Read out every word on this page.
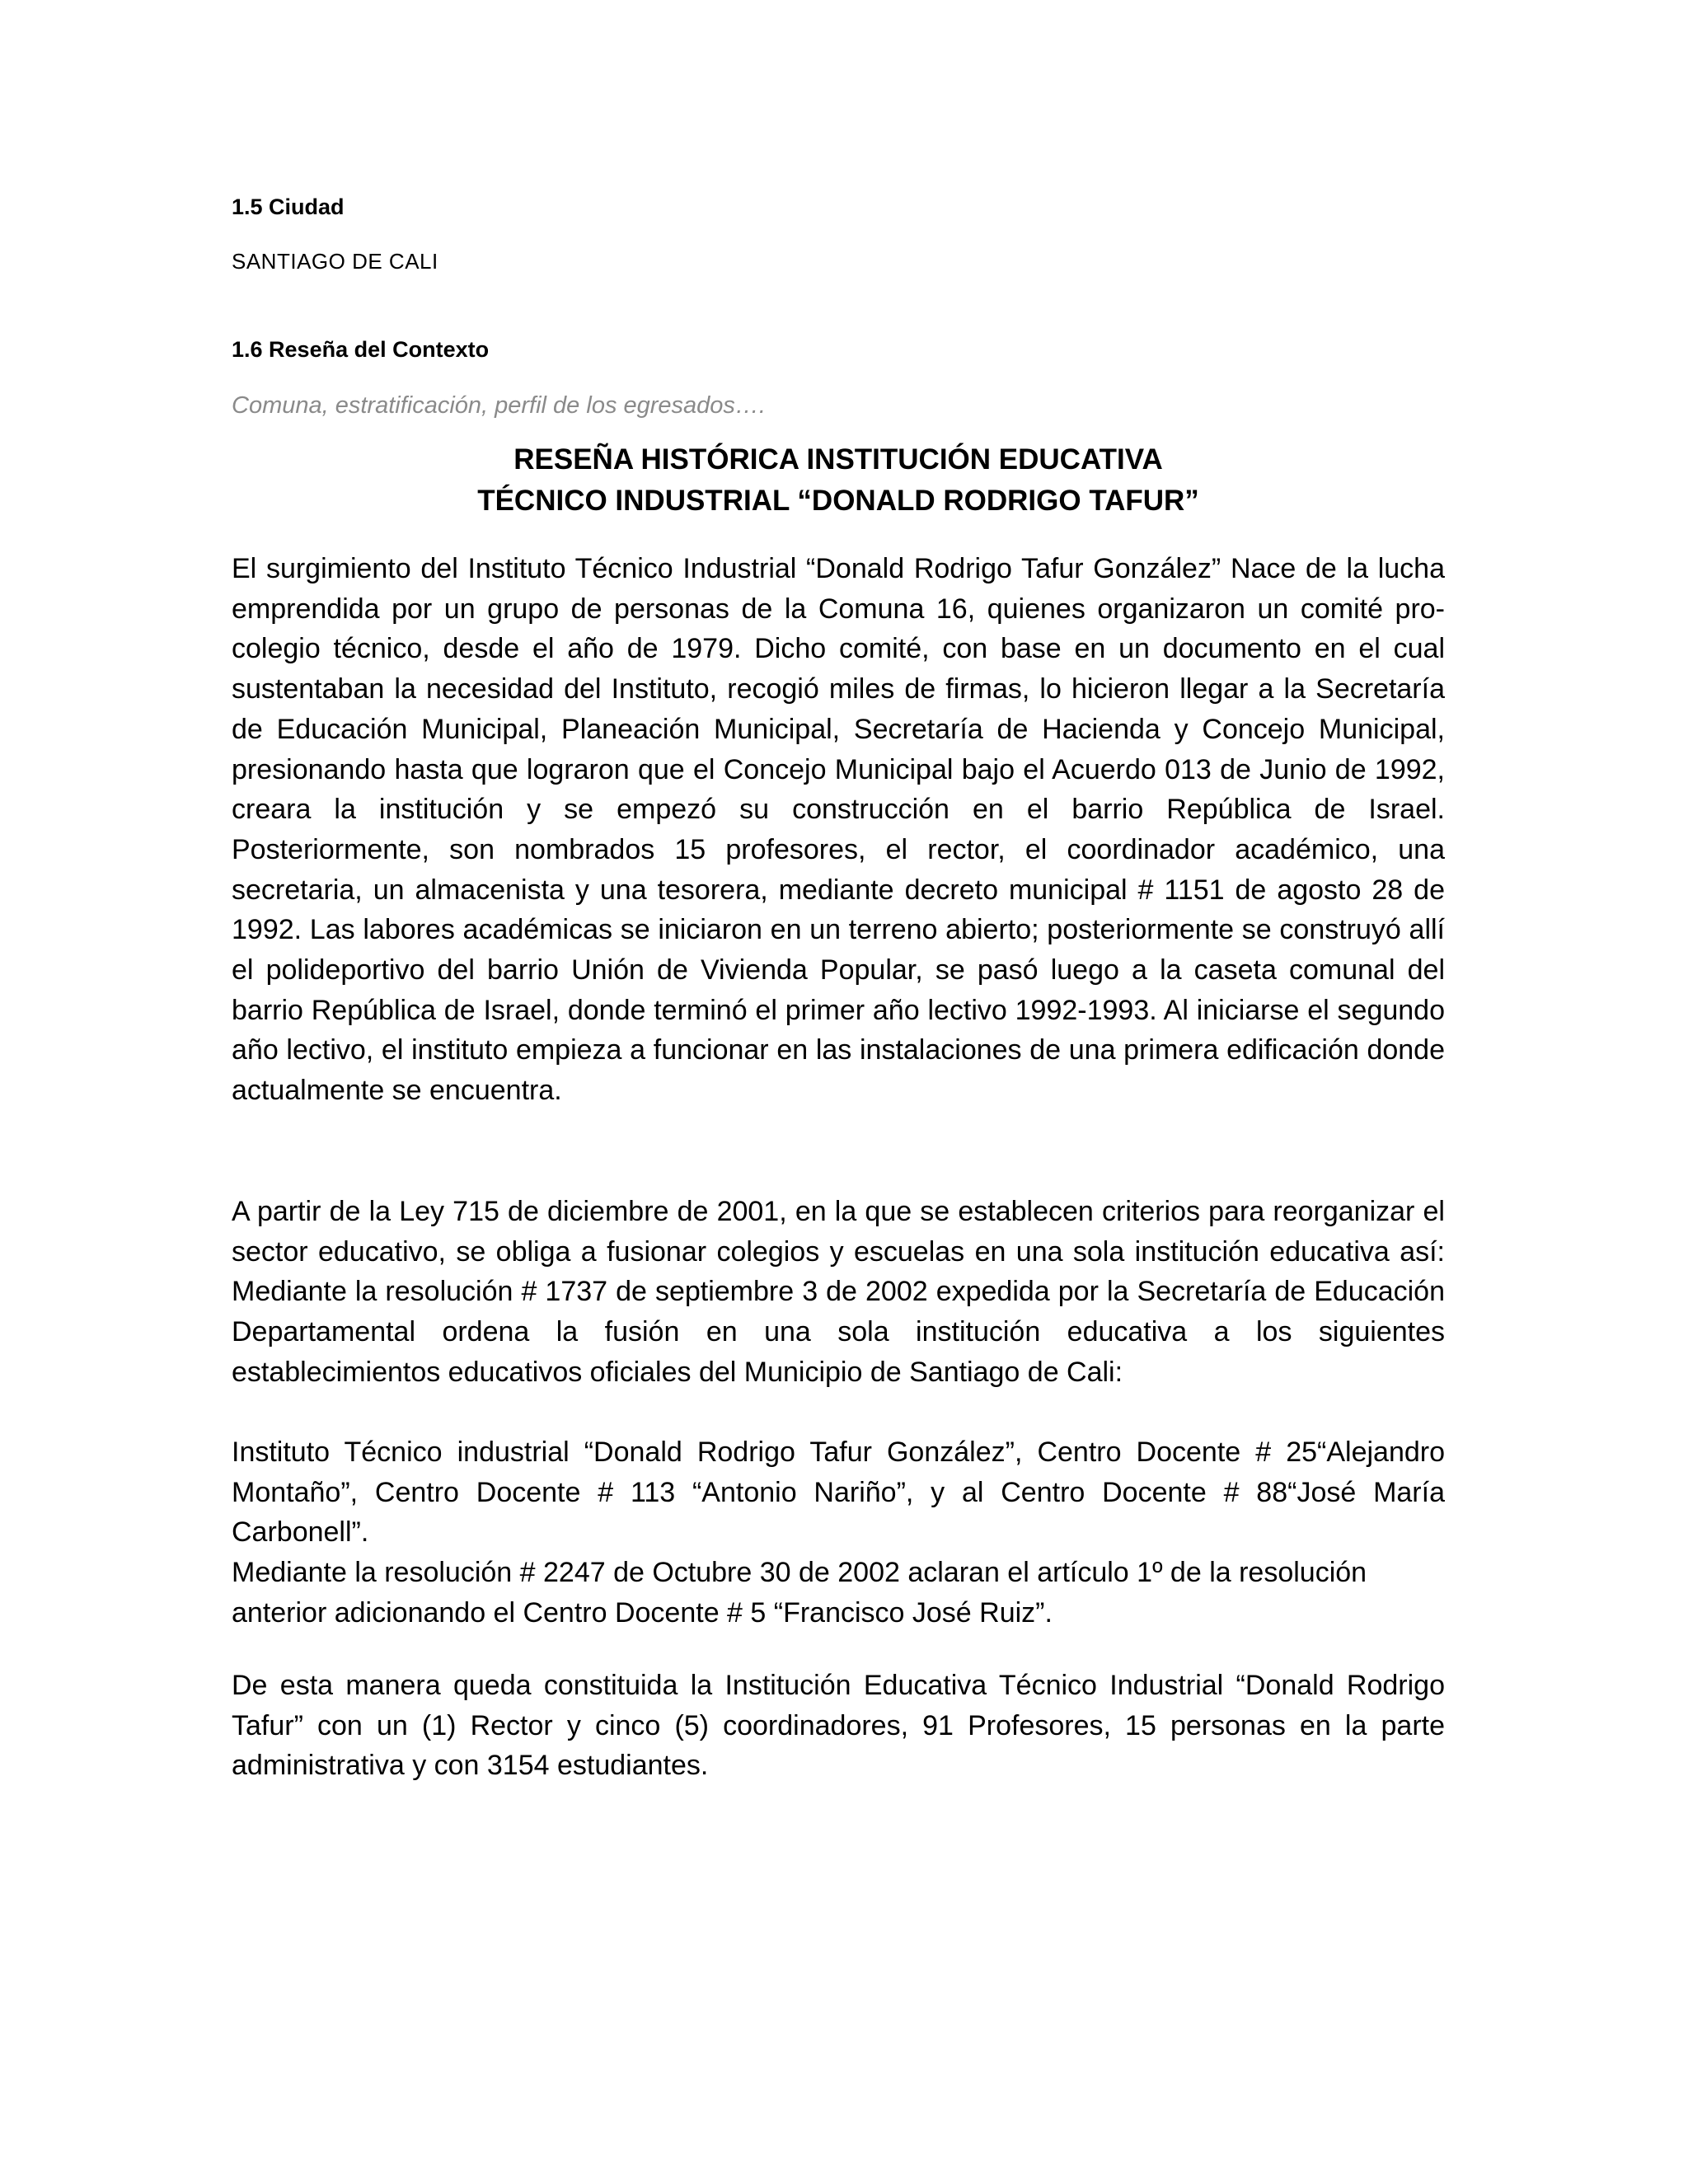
1.5 Ciudad

SANTIAGO DE CALI

1.6 Reseña del Contexto

Comuna, estratificación, perfil de los egresados….

RESEÑA HISTÓRICA INSTITUCIÓN EDUCATIVA
TÉCNICO INDUSTRIAL “DONALD RODRIGO TAFUR”

El surgimiento del Instituto Técnico Industrial “Donald Rodrigo Tafur González” Nace de la lucha emprendida por un grupo de personas de la Comuna 16, quienes organizaron un comité pro-colegio técnico, desde el año de 1979. Dicho comité, con base en un documento en el cual sustentaban la necesidad del Instituto, recogió miles de firmas, lo hicieron llegar a la Secretaría de Educación Municipal, Planeación Municipal, Secretaría de Hacienda y Concejo Municipal, presionando hasta que lograron que el Concejo Municipal bajo el Acuerdo 013 de Junio de 1992, creara la institución y se empezó su construcción en el barrio República de Israel. Posteriormente, son nombrados 15 profesores, el rector, el coordinador académico, una secretaria, un almacenista y una tesorera, mediante decreto municipal # 1151 de agosto 28 de 1992. Las labores académicas se iniciaron en un terreno abierto; posteriormente se construyó allí el polideportivo del barrio Unión de Vivienda Popular, se pasó luego a la caseta comunal del barrio República de Israel, donde terminó el primer año lectivo 1992-1993. Al iniciarse el segundo año lectivo, el instituto empieza a funcionar en las instalaciones de una primera edificación donde actualmente se encuentra.

A partir de la Ley 715 de diciembre de 2001, en la que se establecen criterios para reorganizar el sector educativo, se obliga a fusionar colegios y escuelas en una sola institución educativa así: Mediante la resolución # 1737 de septiembre 3 de 2002 expedida por la Secretaría de Educación Departamental ordena la fusión en una sola institución educativa a los siguientes establecimientos educativos oficiales del Municipio de Santiago de Cali:

Instituto Técnico industrial “Donald Rodrigo Tafur González”, Centro Docente # 25“Alejandro Montaño”, Centro Docente # 113 “Antonio Nariño”, y al Centro Docente # 88“José María Carbonell”.

Mediante la resolución # 2247 de Octubre 30 de 2002 aclaran el artículo 1º de la resolución anterior adicionando el Centro Docente # 5 “Francisco José Ruiz”.

De esta manera queda constituida la Institución Educativa Técnico Industrial “Donald Rodrigo Tafur” con un (1) Rector y cinco (5) coordinadores, 91 Profesores, 15 personas en la parte administrativa y con 3154 estudiantes.
